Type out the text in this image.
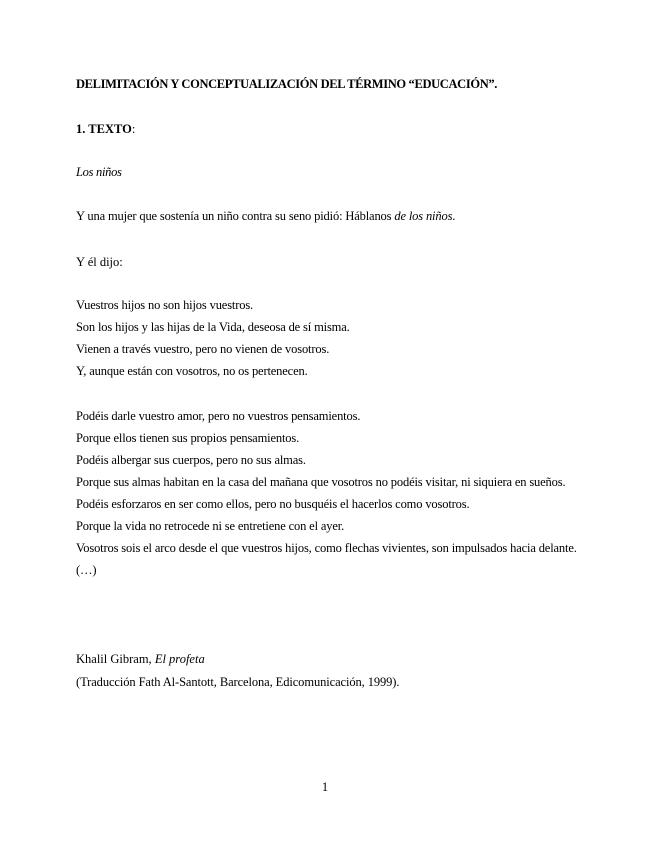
DELIMITACIÓN Y CONCEPTUALIZACIÓN DEL TÉRMINO “EDUCACIÓN”.
1. TEXTO:
Los niños
Y una mujer que sostenía un niño contra su seno pidió: Háblanos de los niños.
Y él dijo:
Vuestros hijos no son hijos vuestros.
Son los hijos y las hijas de la Vida, deseosa de sí misma.
Vienen a través vuestro, pero no vienen de vosotros.
Y, aunque están con vosotros, no os pertenecen.
Podéis darle vuestro amor, pero no vuestros pensamientos.
Porque ellos tienen sus propios pensamientos.
Podéis albergar sus cuerpos, pero no sus almas.
Porque sus almas habitan en la casa del mañana que vosotros no podéis visitar, ni siquiera en sueños.
Podéis esforzaros en ser como ellos, pero no busquéis el hacerlos como vosotros.
Porque la vida no retrocede ni se entretiene con el ayer.
Vosotros sois el arco desde el que vuestros hijos, como flechas vivientes, son impulsados hacia delante.
(…)
Khalil Gibram, El profeta
(Traducción Fath Al-Santott, Barcelona, Edicomunicación, 1999).
1
